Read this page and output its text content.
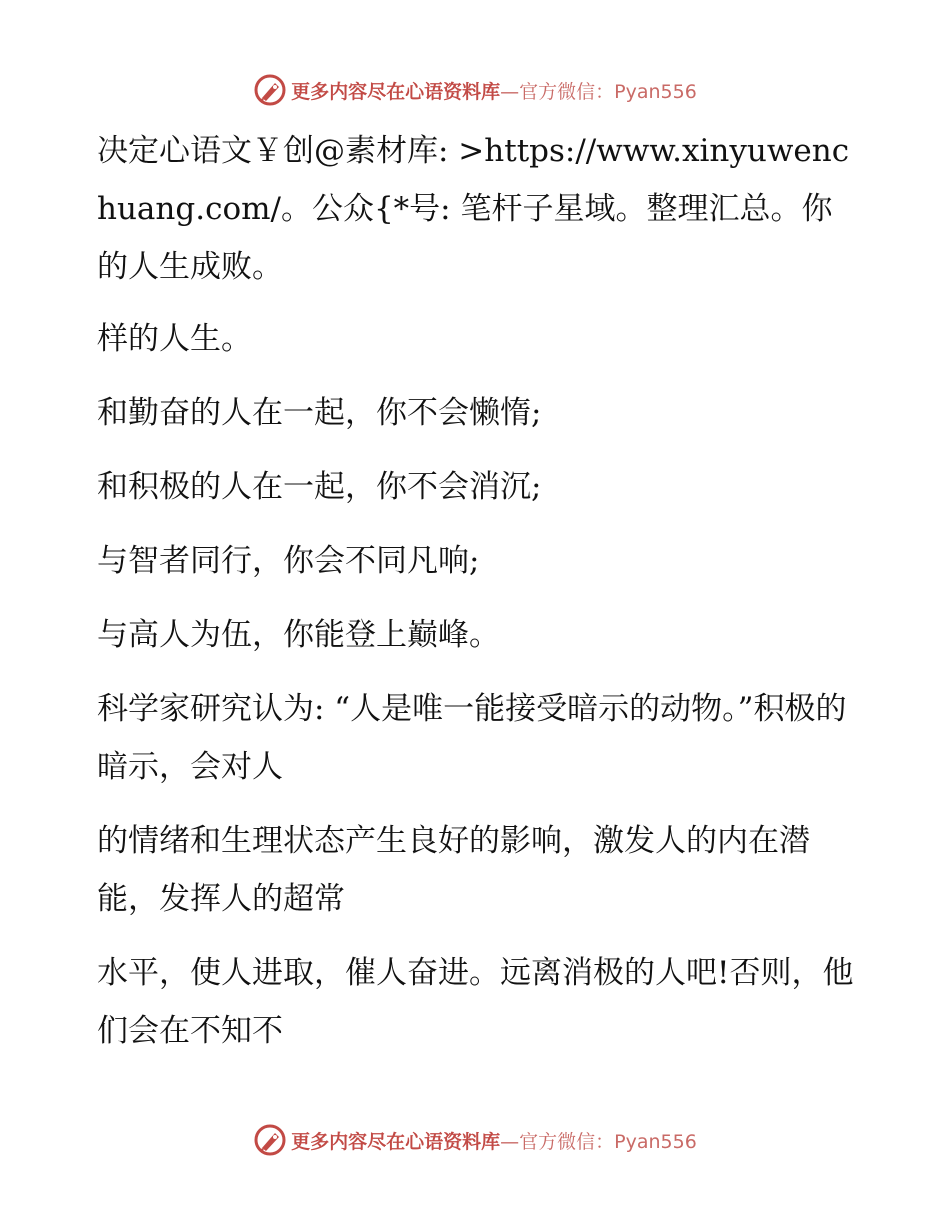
更多内容尽在心语资料库—官方微信：Pyan556

决定心语文￥创@素材库: >https://www.xinyuwenchuang.com/。公众{*号: 笔杆子星域。整理汇总。你的人生成败。

样的人生。

和勤奋的人在一起，你不会懒惰;

和积极的人在一起，你不会消沉;

与智者同行，你会不同凡响;

与高人为伍，你能登上巅峰。

科学家研究认为: “人是唯一能接受暗示的动物。”积极的暗示，会对人

的情绪和生理状态产生良好的影响，激发人的内在潜能，发挥人的超常

水平，使人进取，催人奋进。远离消极的人吧!否则，他们会在不知不

更多内容尽在心语资料库—官方微信：Pyan556
